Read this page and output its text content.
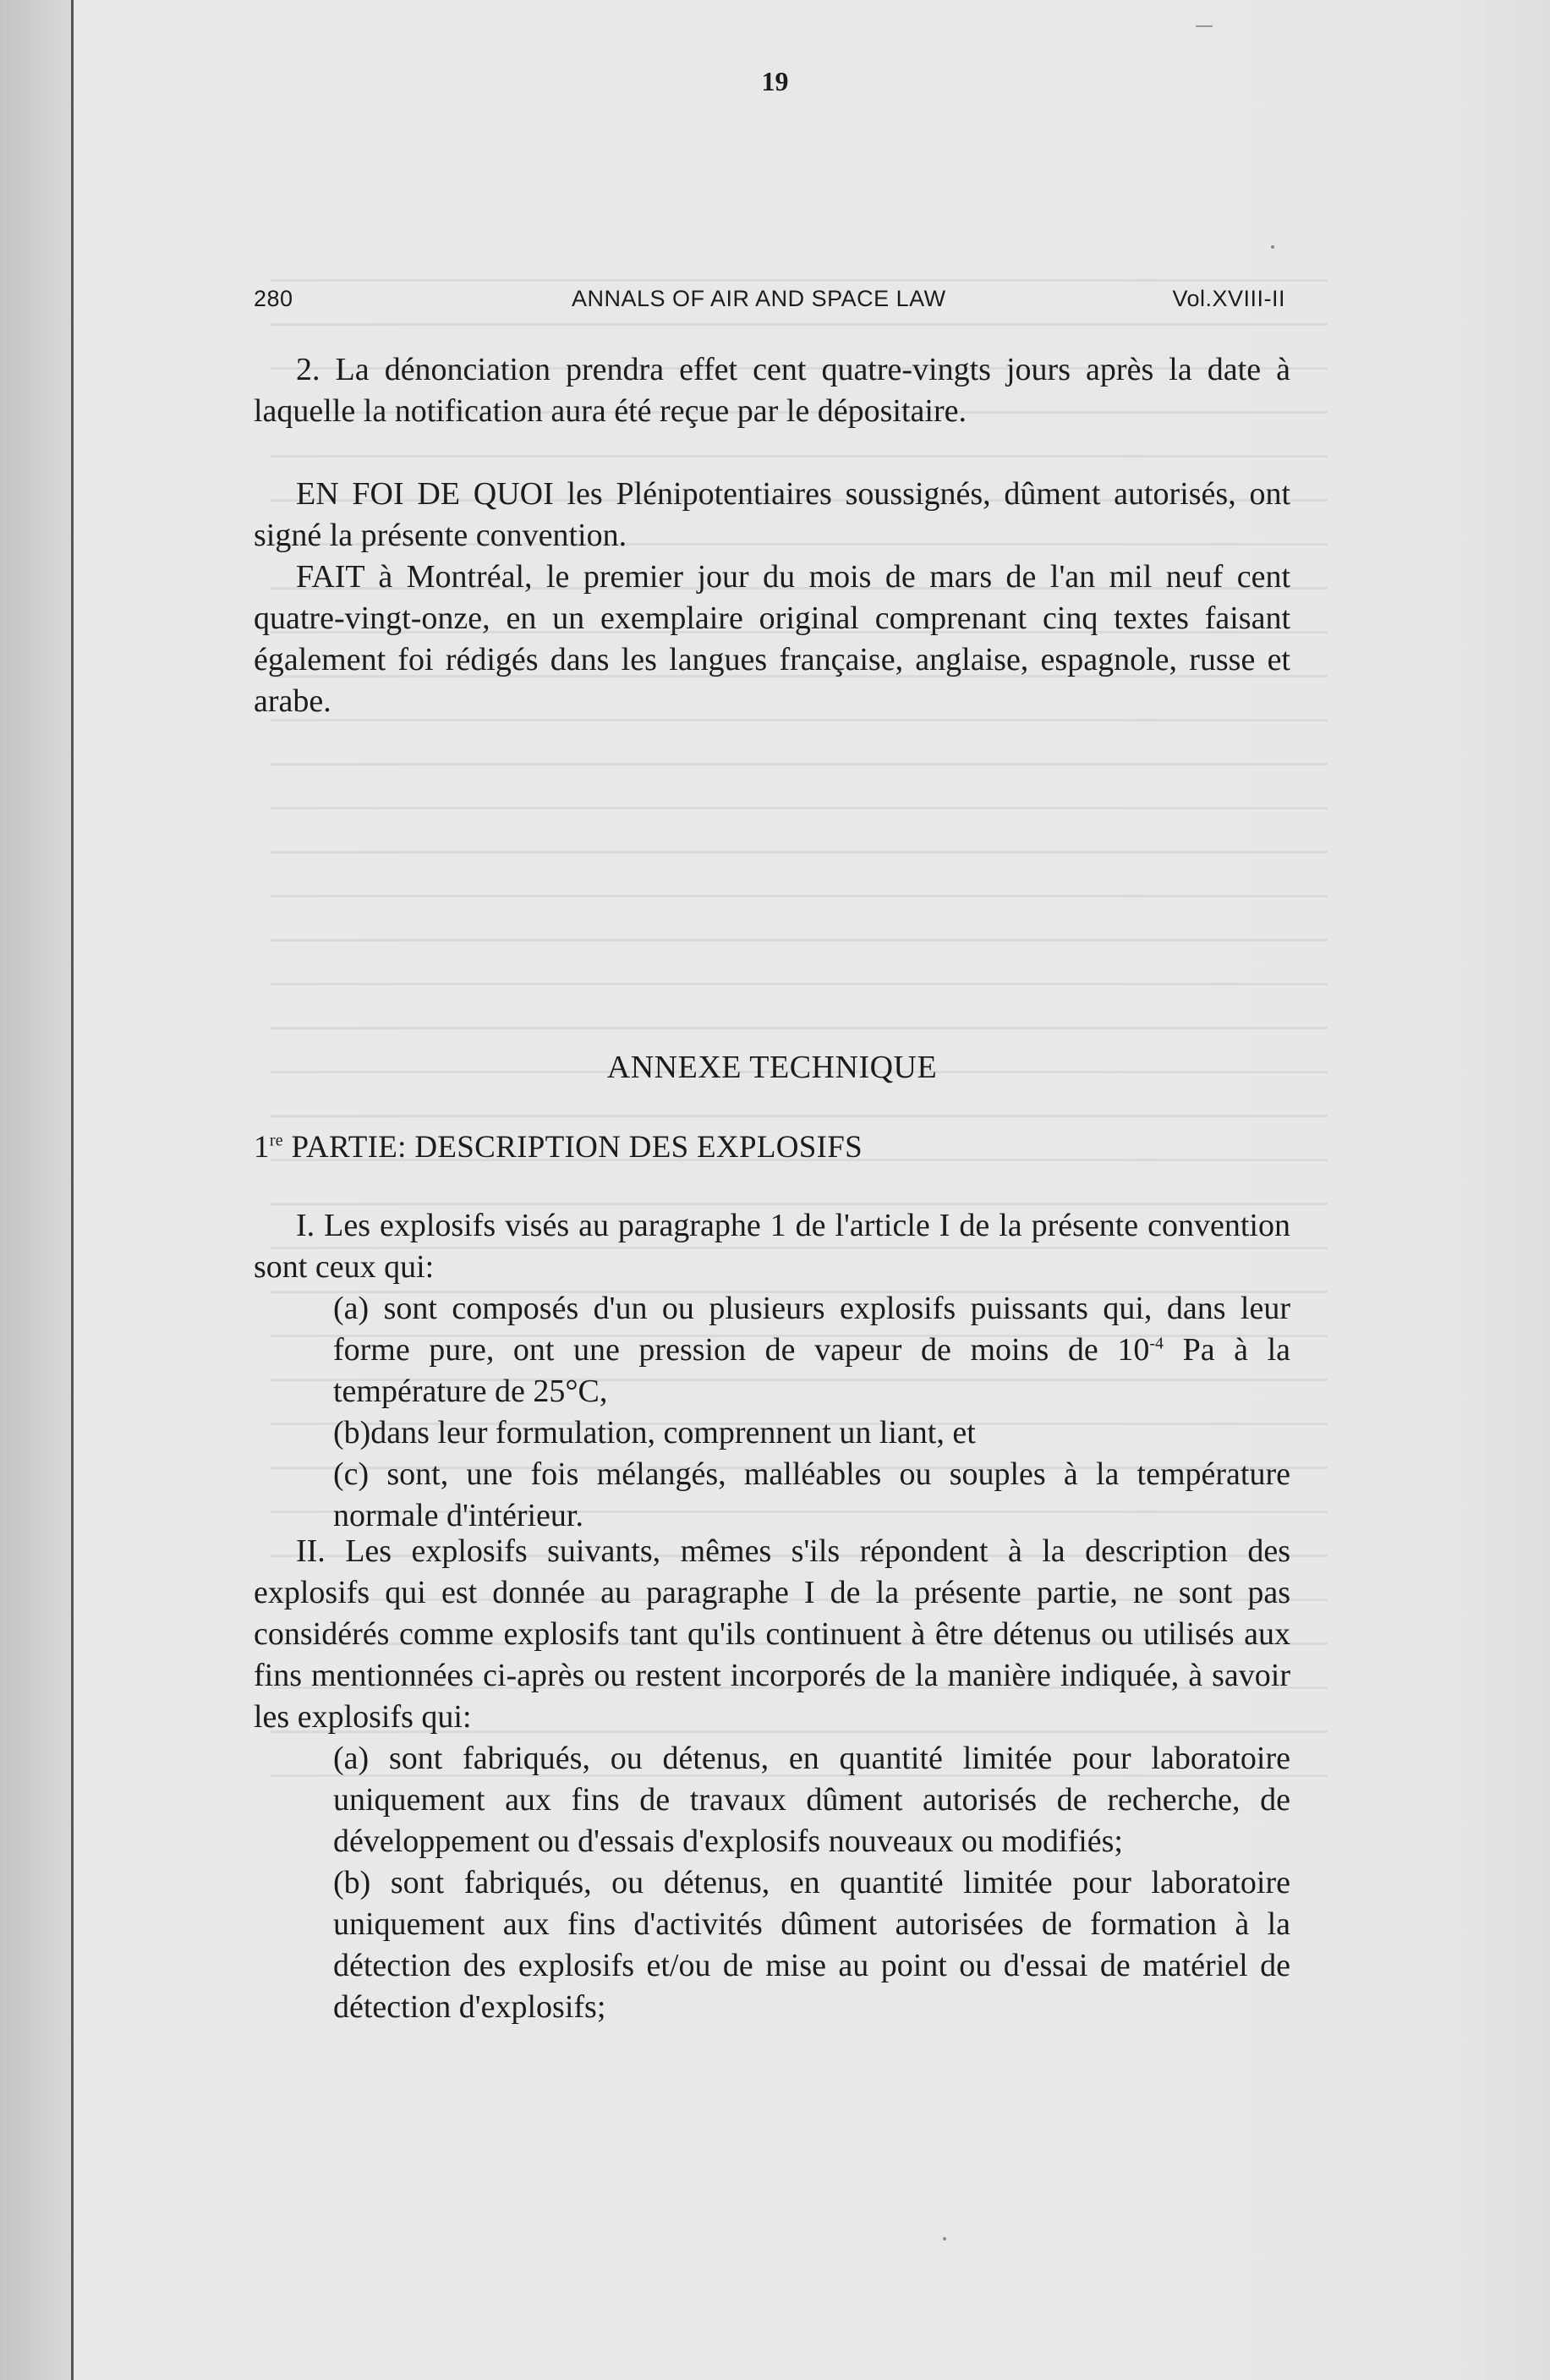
19
280	ANNALS OF AIR AND SPACE LAW	Vol.XVIII-II

2. La dénonciation prendra effet cent quatre-vingts jours après la date à laquelle la notification aura été reçue par le dépositaire.

EN FOI DE QUOI les Plénipotentiaires soussignés, dûment autorisés, ont signé la présente convention.

FAIT à Montréal, le premier jour du mois de mars de l'an mil neuf cent quatre-vingt-onze, en un exemplaire original comprenant cinq textes faisant également foi rédigés dans les langues française, anglaise, espagnole, russe et arabe.

ANNEXE TECHNIQUE
1re PARTIE: DESCRIPTION DES EXPLOSIFS

I. Les explosifs visés au paragraphe 1 de l'article I de la présente convention sont ceux qui:

(a) sont composés d'un ou plusieurs explosifs puissants qui, dans leur forme pure, ont une pression de vapeur de moins de $10^{-4}$ Pa à la température de 25°C,

(b)dans leur formulation, comprennent un liant, et

(c) sont, une fois mélangés, malléables ou souples à la température normale d'intérieur.

II. Les explosifs suivants, mêmes s'ils répondent à la description des explosifs qui est donnée au paragraphe I de la présente partie, ne sont pas considérés comme explosifs tant qu'ils continuent à être détenus ou utilisés aux fins mentionnées ci-après ou restent incorporés de la manière indiquée, à savoir les explosifs qui:

(a) sont fabriqués, ou détenus, en quantité limitée pour laboratoire uniquement aux fins de travaux dûment autorisés de recherche, de développement ou d'essais d'explosifs nouveaux ou modifiés;

(b) sont fabriqués, ou détenus, en quantité limitée pour laboratoire uniquement aux fins d'activités dûment autorisées de formation à la détection des explosifs et/ou de mise au point ou d'essai de matériel de détection d'explosifs;
